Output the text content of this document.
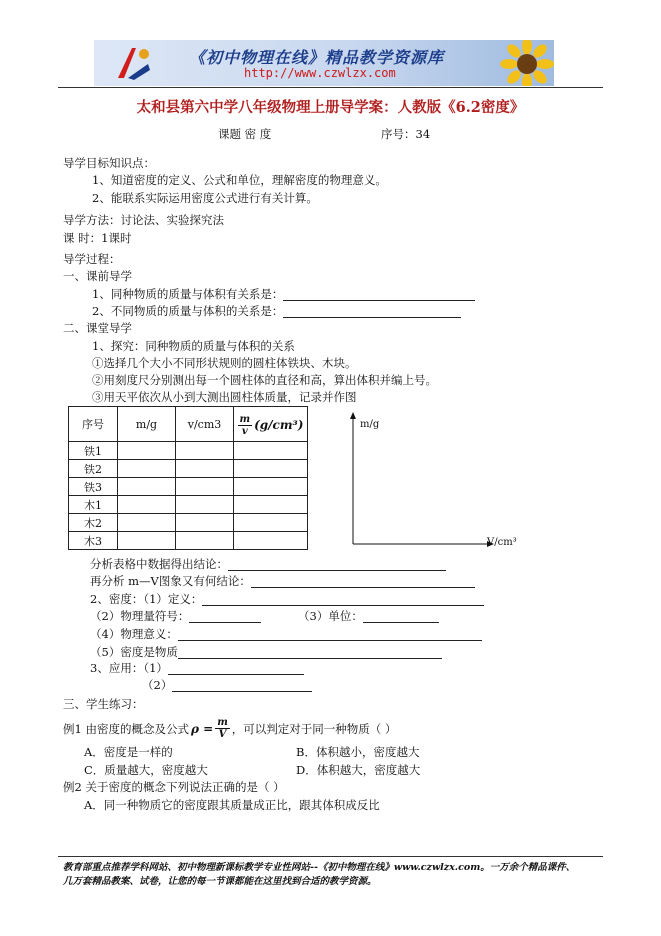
《初中物理在线》精品教学资源库
http://www.czwlzx.com
太和县第六中学八年级物理上册导学案：人教版《6.2密度》
课题 密 度	序号：34
导学目标知识点：
1、知道密度的定义、公式和单位，理解密度的物理意义。
2、能联系实际运用密度公式进行有关计算。
导学方法：讨论法、实验探究法
课 时：1课时
导学过程：
一、课前导学
1、同种物质的质量与体积有关系是：
2、不同物质的质量与体积的关系是：
二、课堂导学
1、探究：同种物质的质量与体积的关系
①选择几个大小不同形状规则的圆柱体铁块、木块。
②用刻度尺分别测出每一个圆柱体的直径和高，算出体积并编上号。
③用天平依次从小到大测出圆柱体质量，记录并作图
序号	m/g	v/cm3	$\frac{m}{v} (g/cm^3)$

铁1			
铁2			
铁3			
木1			
木2			
木3			
m/g
V/cm³
分析表格中数据得出结论：
再分析 m—V图象又有何结论：
2、密度：（1）定义：
（2）物理量符号：	（3）单位：
（4）物理意义：
（5）密度是物质
3、应用：（1）
（2）
三、学生练习：
例1 由密度的概念及公式 $\rho = \frac{m}{V}$ ，可以判定对于同一种物质（ ）
A．密度是一样的	B．体积越小，密度越大
C．质量越大，密度越大	D．体积越大，密度越大
例2 关于密度的概念下列说法正确的是（ ）
A．同一种物质它的密度跟其质量成正比，跟其体积成反比
教育部重点推荐学科网站、初中物理新课标教学专业性网站--《初中物理在线》www.czwlzx.com。一万余个精品课件、
几万套精品教案、试卷，让您的每一节课都能在这里找到合适的教学资源。
